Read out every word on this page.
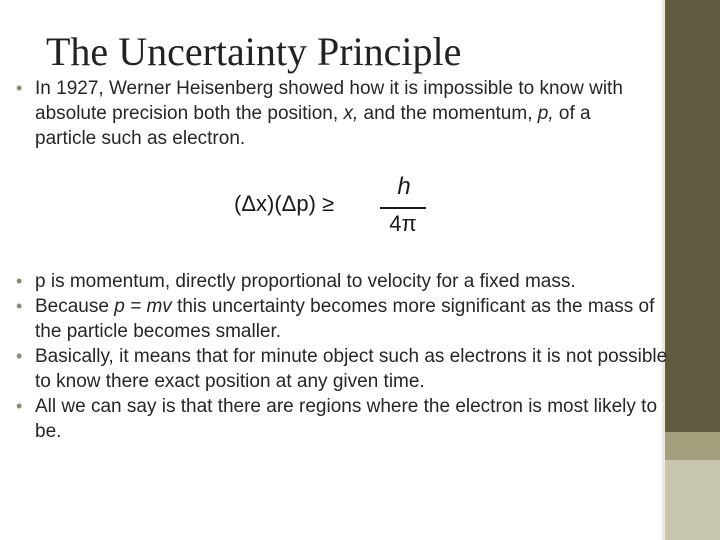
The Uncertainty Principle
• In 1927, Werner Heisenberg showed how it is impossible to know with absolute precision both the position, x, and the momentum, p, of a particle such as electron.
(Δx)(Δp) ≥
h
4π
• p is momentum, directly proportional to velocity for a fixed mass.
• Because p = mv this uncertainty becomes more significant as the mass of the particle becomes smaller.
• Basically, it means that for minute object such as electrons it is not possible to know there exact position at any given time.
• All we can say is that there are regions where the electron is most likely to be.
